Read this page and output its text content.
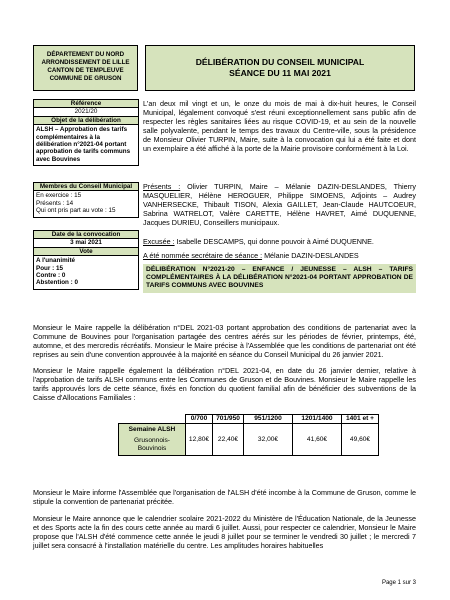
DÉPARTEMENT DU NORD
ARRONDISSEMENT DE LILLE
CANTON DE TEMPLEUVE
COMMUNE DE GRUSON
DÉLIBÉRATION DU CONSEIL MUNICIPAL
SÉANCE DU 11 MAI 2021
Référence
2021/20
Objet de la délibération
ALSH – Approbation des tarifs complémentaires à la délibération n°2021-04 portant approbation de tarifs communs avec Bouvines
Membres du Conseil Municipal
En exercice : 15
Présents : 14
Qui ont pris part au vote : 15
Date de la convocation
3 mai 2021
Vote
A l'unanimité
Pour : 15
Contre : 0
Abstention : 0
L'an deux mil vingt et un, le onze du mois de mai à dix-huit heures, le Conseil Municipal, légalement convoqué s'est réuni exceptionnellement sans public afin de respecter les règles sanitaires liées au risque COVID-19, et au sein de la nouvelle salle polyvalente, pendant le temps des travaux du Centre-ville, sous la présidence de Monsieur Olivier TURPIN, Maire, suite à la convocation qui lui a été faite et dont un exemplaire a été affiché à la porte de la Mairie provisoire conformément à la Loi.
Présents : Olivier TURPIN, Maire – Mélanie DAZIN-DESLANDES, Thierry MASQUELIER, Hélène HEROGUER, Philippe SIMOENS, Adjoints – Audrey VANHERSECKE, Thibault TISON, Alexia GAILLET, Jean-Claude HAUTCOEUR, Sabrina WATRELOT, Valère CARETTE, Hélène HAVRET, Aimé DUQUENNE, Jacques DURIEU, Conseillers municipaux.
Excusée : Isabelle DESCAMPS, qui donne pouvoir à Aimé DUQUENNE.
A été nommée secrétaire de séance : Mélanie DAZIN-DESLANDES
DÉLIBÉRATION N°2021-20 – ENFANCE / JEUNESSE – ALSH – TARIFS COMPLÉMENTAIRES À LA DÉLIBÉRATION N°2021-04 PORTANT APPROBATION DE TARIFS COMMUNS AVEC BOUVINES
Monsieur le Maire rappelle la délibération n°DEL 2021-03 portant approbation des conditions de partenariat avec la Commune de Bouvines pour l'organisation partagée des centres aérés sur les périodes de février, printemps, été, automne, et des mercredis récréatifs. Monsieur le Maire précise à l'Assemblée que les conditions de partenariat ont été reprises au sein d'une convention approuvée à la majorité en séance du Conseil Municipal du 26 janvier 2021.
Monsieur le Maire rappelle également la délibération n°DEL 2021-04, en date du 26 janvier dernier, relative à l'approbation de tarifs ALSH communs entre les Communes de Gruson et de Bouvines. Monsieur le Maire rappelle les tarifs approuvés lors de cette séance, fixés en fonction du quotient familial afin de bénéficier des subventions de la Caisse d'Allocations Familiales :
	0/700	701/950	951/1200	1201/1400	1401 et +

Semaine ALSH
Grusonnois-Bouvinois	12,80€	22,40€	32,00€	41,60€	49,60€
Monsieur le Maire informe l'Assemblée que l'organisation de l'ALSH d'été incombe à la Commune de Gruson, comme le stipule la convention de partenariat précitée.
Monsieur le Maire annonce que le calendrier scolaire 2021-2022 du Ministère de l'Éducation Nationale, de la Jeunesse et des Sports acte la fin des cours cette année au mardi 6 juillet. Aussi, pour respecter ce calendrier, Monsieur le Maire propose que l'ALSH d'été commence cette année le jeudi 8 juillet pour se terminer le vendredi 30 juillet ; le mercredi 7 juillet sera consacré à l'installation matérielle du centre. Les amplitudes horaires habituelles
Page 1 sur 3
